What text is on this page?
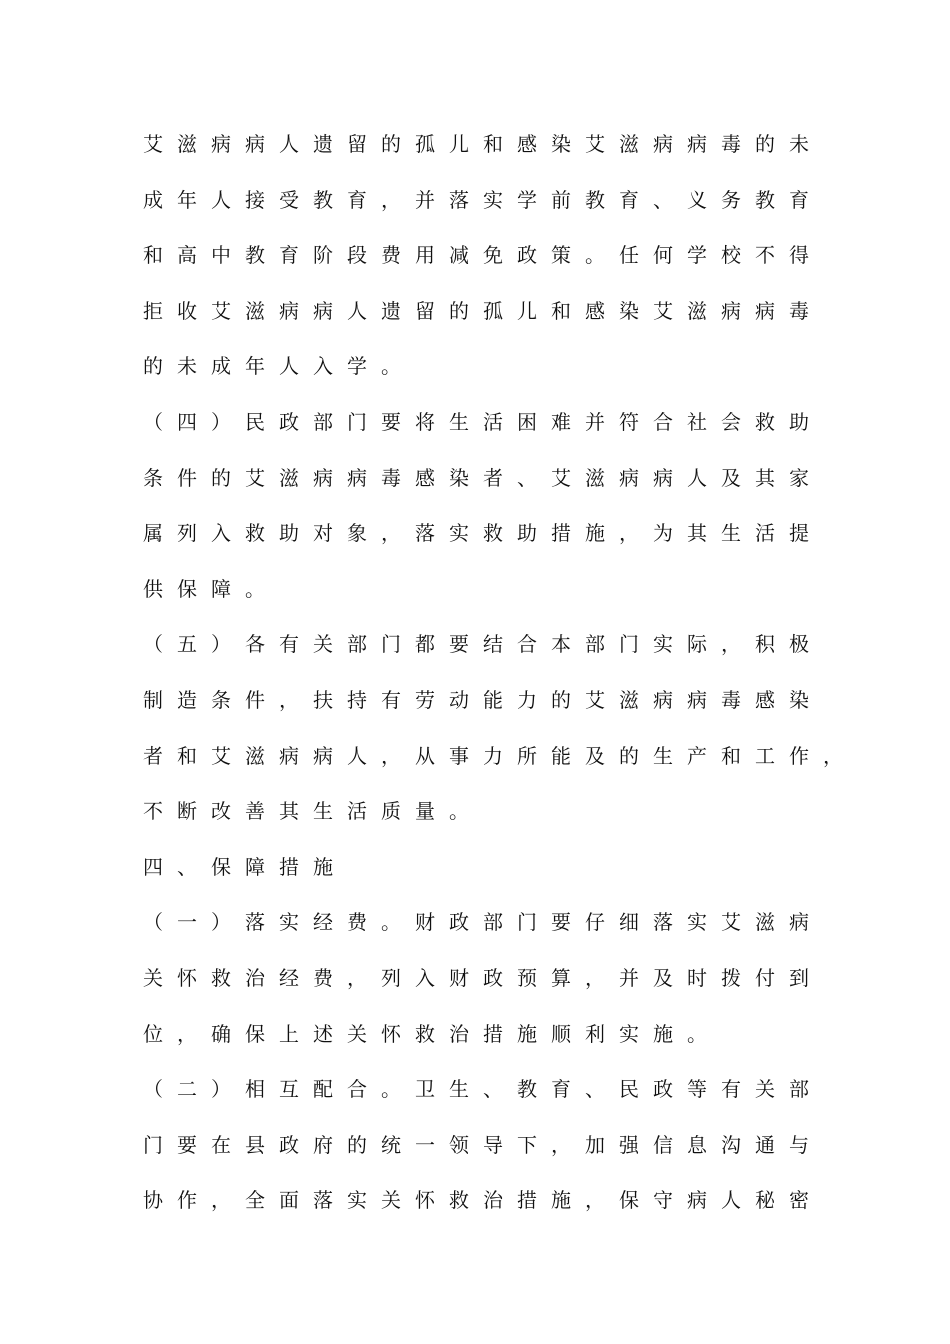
艾滋病病人遗留的孤儿和感染艾滋病病毒的未
成年人接受教育，并落实学前教育、义务教育
和高中教育阶段费用减免政策。任何学校不得
拒收艾滋病病人遗留的孤儿和感染艾滋病病毒
的未成年人入学。
（四）民政部门要将生活困难并符合社会救助
条件的艾滋病病毒感染者、艾滋病病人及其家
属列入救助对象，落实救助措施，为其生活提
供保障。
（五）各有关部门都要结合本部门实际，积极
制造条件，扶持有劳动能力的艾滋病病毒感染
者和艾滋病病人，从事力所能及的生产和工作，
不断改善其生活质量。
四、保障措施
（一）落实经费。财政部门要仔细落实艾滋病
关怀救治经费，列入财政预算，并及时拨付到
位，确保上述关怀救治措施顺利实施。
（二）相互配合。卫生、教育、民政等有关部
门要在县政府的统一领导下，加强信息沟通与
协作，全面落实关怀救治措施，保守病人秘密
